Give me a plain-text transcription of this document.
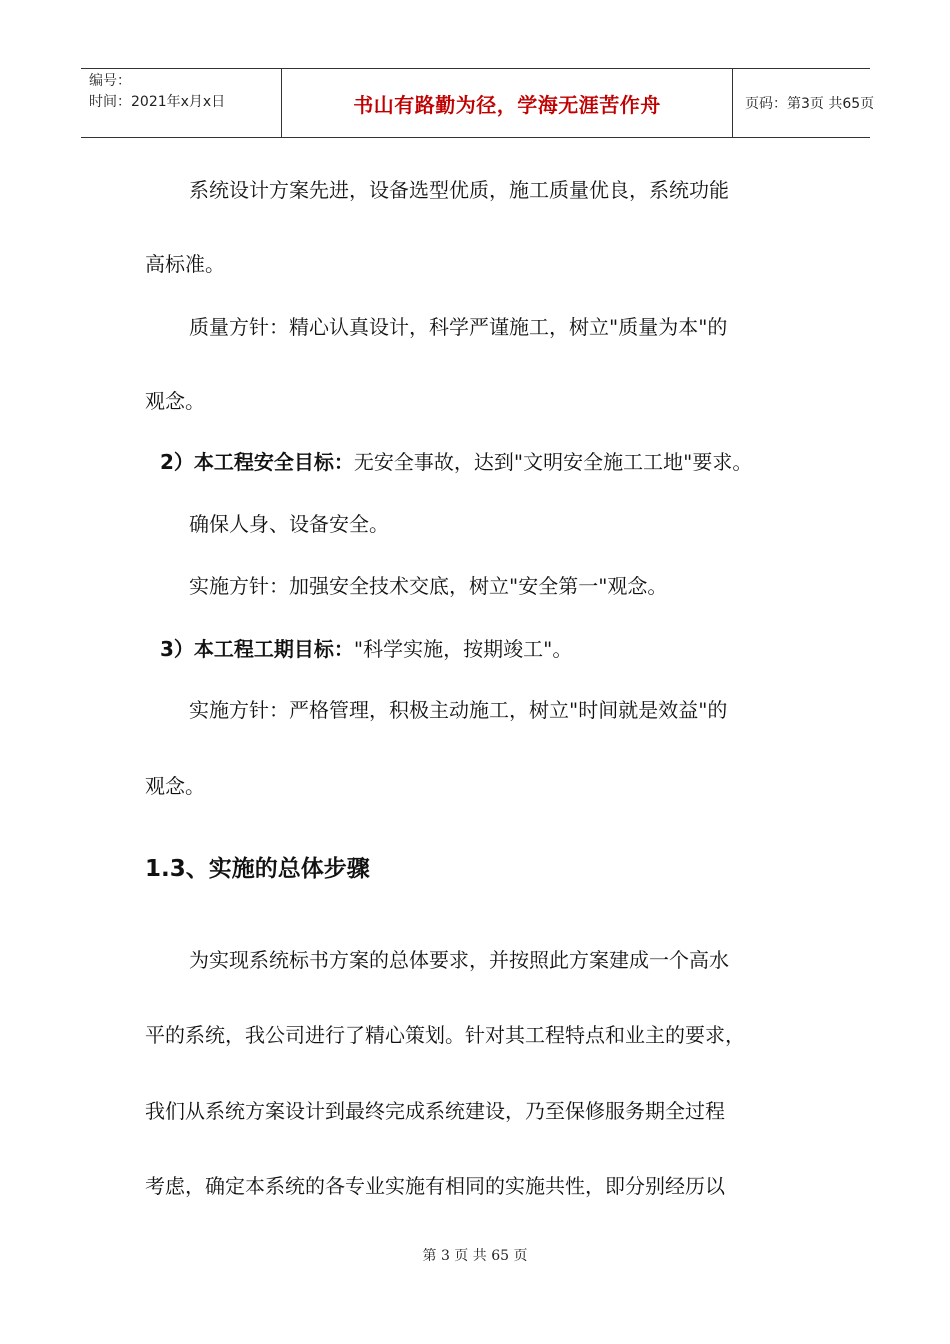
编号：
时间：2021年x月x日	书山有路勤为径，学海无涯苦作舟	页码：第3页 共65页
系统设计方案先进，设备选型优质，施工质量优良，系统功能
高标准。
质量方针：精心认真设计，科学严谨施工，树立"质量为本"的
观念。
2）本工程安全目标：无安全事故，达到"文明安全施工工地"要求。
确保人身、设备安全。
实施方针：加强安全技术交底，树立"安全第一"观念。
3）本工程工期目标："科学实施，按期竣工"。
实施方针：严格管理，积极主动施工，树立"时间就是效益"的
观念。
1.3、实施的总体步骤
为实现系统标书方案的总体要求，并按照此方案建成一个高水
平的系统，我公司进行了精心策划。针对其工程特点和业主的要求，
我们从系统方案设计到最终完成系统建设，乃至保修服务期全过程
考虑，确定本系统的各专业实施有相同的实施共性，即分别经历以
第 3 页 共 65 页
